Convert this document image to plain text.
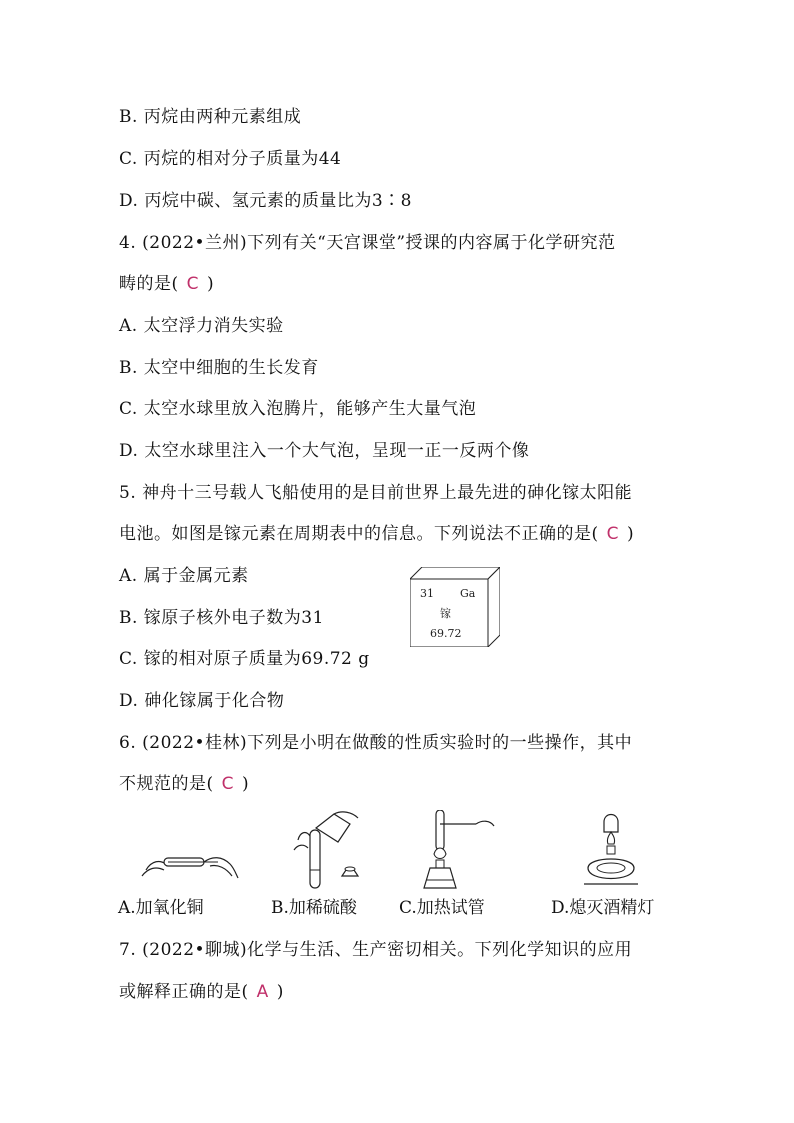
B. 丙烷由两种元素组成
C. 丙烷的相对分子质量为44
D. 丙烷中碳、氢元素的质量比为3∶8
4. (2022•兰州)下列有关“天宫课堂”授课的内容属于化学研究范
畴的是( C )
A. 太空浮力消失实验
B. 太空中细胞的生长发育
C. 太空水球里放入泡腾片，能够产生大量气泡
D. 太空水球里注入一个大气泡，呈现一正一反两个像
5. 神舟十三号载人飞船使用的是目前世界上最先进的砷化镓太阳能
电池。如图是镓元素在周期表中的信息。下列说法不正确的是( C )
A. 属于金属元素
B. 镓原子核外电子数为31
C. 镓的相对原子质量为69.72 g
D. 砷化镓属于化合物
31 Ga
镓
69.72
6. (2022•桂林)下列是小明在做酸的性质实验时的一些操作，其中
不规范的是( C )
A.加氧化铜	B.加稀硫酸 C.加热试管	D.熄灭酒精灯
7. (2022•聊城)化学与生活、生产密切相关。下列化学知识的应用
或解释正确的是( A )
